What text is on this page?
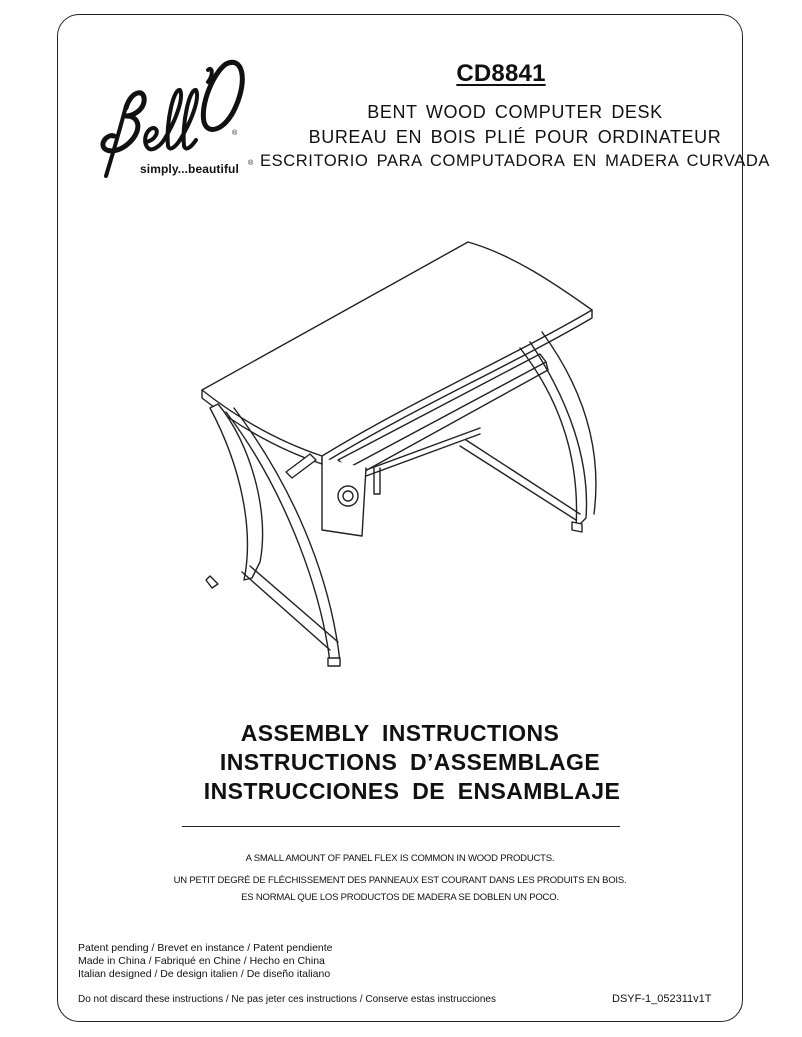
simply...beautiful
®
®
CD8841
BENT WOOD COMPUTER DESK
BUREAU EN BOIS PLIÉ POUR ORDINATEUR
ESCRITORIO PARA COMPUTADORA EN MADERA CURVADA
ASSEMBLY INSTRUCTIONS
INSTRUCTIONS D’ASSEMBLAGE
INSTRUCCIONES DE ENSAMBLAJE
A SMALL AMOUNT OF PANEL FLEX IS COMMON IN WOOD PRODUCTS.
UN PETIT DEGRÉ DE FLÉCHISSEMENT DES PANNEAUX EST COURANT DANS LES PRODUITS EN BOIS.
ES NORMAL QUE LOS PRODUCTOS DE MADERA SE DOBLEN UN POCO.
Patent pending / Brevet en instance / Patent pendiente
Made in China / Fabriqué en Chine / Hecho en China
Italian designed / De design italien / De diseño italiano
Do not discard these instructions / Ne pas jeter ces instructions / Conserve estas instrucciones	DSYF-1_052311v1T
